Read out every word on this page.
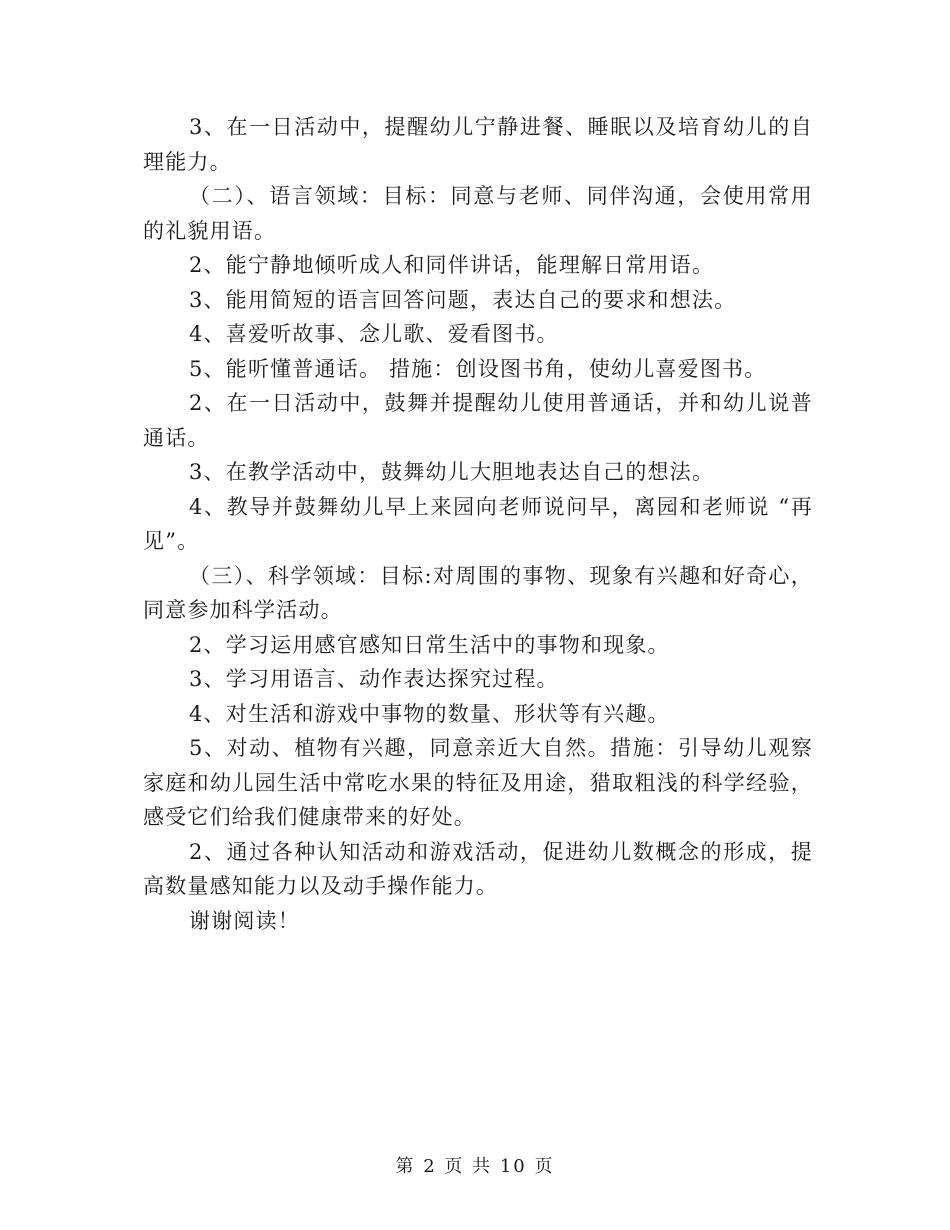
3、在一日活动中，提醒幼儿宁静进餐、睡眠以及培育幼儿的自理能力。

（二）、语言领域：目标：同意与老师、同伴沟通，会使用常用的礼貌用语。

2、能宁静地倾听成人和同伴讲话，能理解日常用语。

3、能用简短的语言回答问题，表达自己的要求和想法。

4、喜爱听故事、念儿歌、爱看图书。

5、能听懂普通话。 措施：创设图书角，使幼儿喜爱图书。

2、在一日活动中，鼓舞并提醒幼儿使用普通话，并和幼儿说普通话。

3、在教学活动中，鼓舞幼儿大胆地表达自己的想法。

4、教导并鼓舞幼儿早上来园向老师说问早，离园和老师说 “再见”。

（三）、科学领域：目标:对周围的事物、现象有兴趣和好奇心，同意参加科学活动。

2、学习运用感官感知日常生活中的事物和现象。

3、学习用语言、动作表达探究过程。

4、对生活和游戏中事物的数量、形状等有兴趣。

5、对动、植物有兴趣，同意亲近大自然。措施：引导幼儿观察家庭和幼儿园生活中常吃水果的特征及用途，猎取粗浅的科学经验，感受它们给我们健康带来的好处。

2、通过各种认知活动和游戏活动，促进幼儿数概念的形成，提高数量感知能力以及动手操作能力。

谢谢阅读！

第 2 页 共 10 页
